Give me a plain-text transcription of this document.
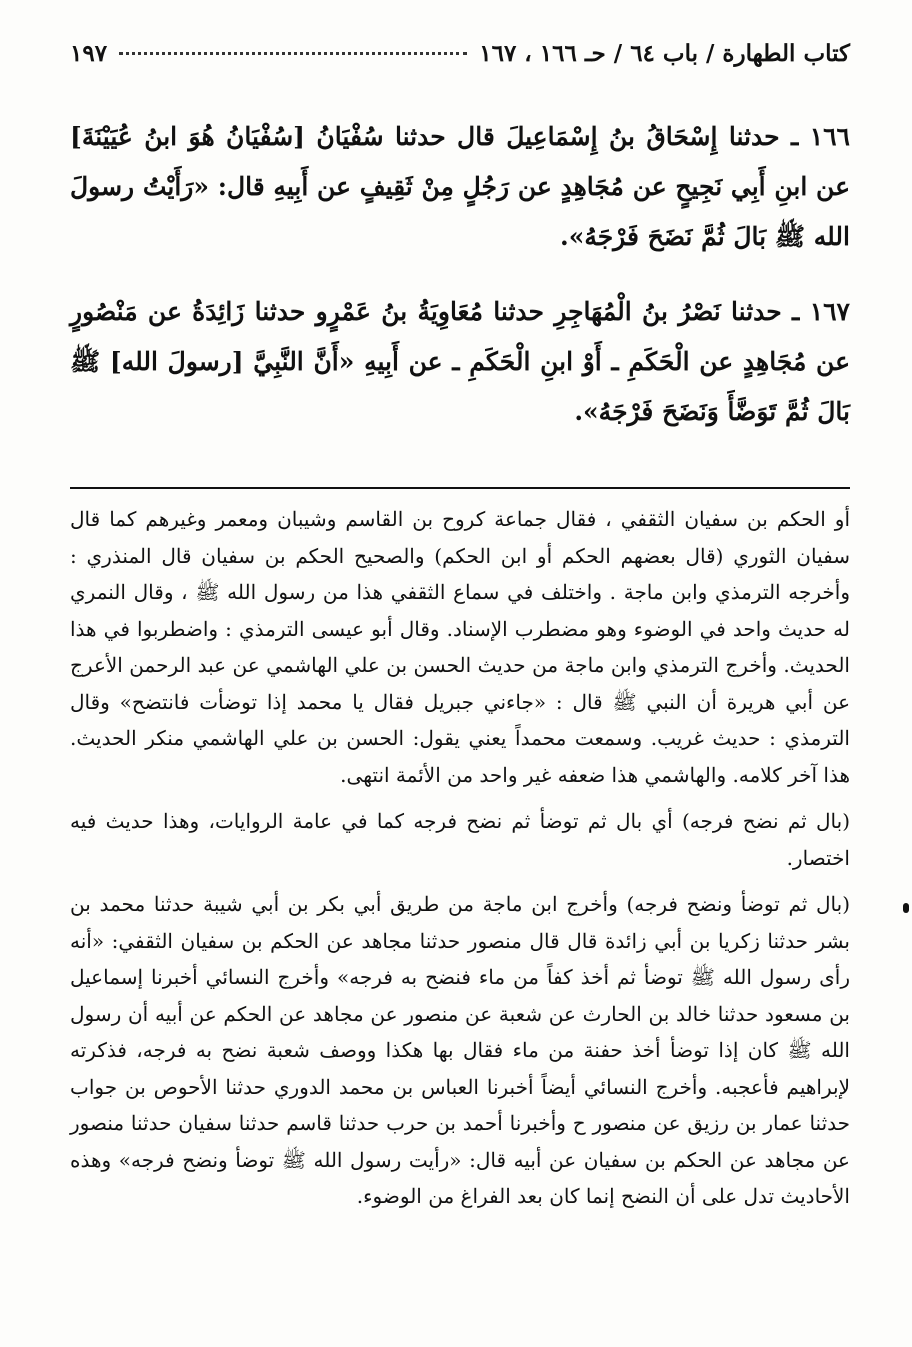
كتاب الطهارة / باب ٦٤ / حـ ١٦٦ ، ١٦٧
١٩٧

١٦٦ ـ حدثنا إِسْحَاقُ بنُ إِسْمَاعِيلَ قال حدثنا سُفْيَانُ [سُفْيَانُ هُوَ ابنُ عُيَيْنَةَ] عن ابنِ أَبِي نَجِيحٍ عن مُجَاهِدٍ عن رَجُلٍ مِنْ ثَقِيفٍ عن أَبِيهِ قال: «رَأَيْتُ رسولَ الله ﷺ بَالَ ثُمَّ نَضَحَ فَرْجَهُ».

١٦٧ ـ حدثنا نَصْرُ بنُ الْمُهَاجِرِ حدثنا مُعَاوِيَةُ بنُ عَمْرٍو حدثنا زَائِدَةُ عن مَنْصُورٍ عن مُجَاهِدٍ عن الْحَكَمِ ـ أَوْ ابنِ الْحَكَمِ ـ عن أَبِيهِ «أَنَّ النَّبِيَّ [رسولَ الله] ﷺ بَالَ ثُمَّ تَوَضَّأَ وَنَضَحَ فَرْجَهُ».

أو الحكم بن سفيان الثقفي ، فقال جماعة كروح بن القاسم وشيبان ومعمر وغيرهم كما قال سفيان الثوري (قال بعضهم الحكم أو ابن الحكم) والصحيح الحكم بن سفيان قال المنذري : وأخرجه الترمذي وابن ماجة . واختلف في سماع الثقفي هذا من رسول الله ﷺ ، وقال النمري له حديث واحد في الوضوء وهو مضطرب الإسناد. وقال أبو عيسى الترمذي : واضطربوا في هذا الحديث. وأخرج الترمذي وابن ماجة من حديث الحسن بن علي الهاشمي عن عبد الرحمن الأعرج عن أبي هريرة أن النبي ﷺ قال : «جاءني جبريل فقال يا محمد إذا توضأت فانتضح» وقال الترمذي : حديث غريب. وسمعت محمداً يعني يقول: الحسن بن علي الهاشمي منكر الحديث. هذا آخر كلامه. والهاشمي هذا ضعفه غير واحد من الأئمة انتهى.

(بال ثم نضح فرجه) أي بال ثم توضأ ثم نضح فرجه كما في عامة الروايات، وهذا حديث فيه اختصار.

(بال ثم توضأ ونضح فرجه) وأخرج ابن ماجة من طريق أبي بكر بن أبي شيبة حدثنا محمد بن بشر حدثنا زكريا بن أبي زائدة قال قال منصور حدثنا مجاهد عن الحكم بن سفيان الثقفي: «أنه رأى رسول الله ﷺ توضأ ثم أخذ كفاً من ماء فنضح به فرجه» وأخرج النسائي أخبرنا إسماعيل بن مسعود حدثنا خالد بن الحارث عن شعبة عن منصور عن مجاهد عن الحكم عن أبيه أن رسول الله ﷺ كان إذا توضأ أخذ حفنة من ماء فقال بها هكذا ووصف شعبة نضح به فرجه، فذكرته لإبراهيم فأعجبه. وأخرج النسائي أيضاً أخبرنا العباس بن محمد الدوري حدثنا الأحوص بن جواب حدثنا عمار بن رزيق عن منصور ح وأخبرنا أحمد بن حرب حدثنا قاسم حدثنا سفيان حدثنا منصور عن مجاهد عن الحكم بن سفيان عن أبيه قال: «رأيت رسول الله ﷺ توضأ ونضح فرجه» وهذه الأحاديث تدل على أن النضح إنما كان بعد الفراغ من الوضوء.
